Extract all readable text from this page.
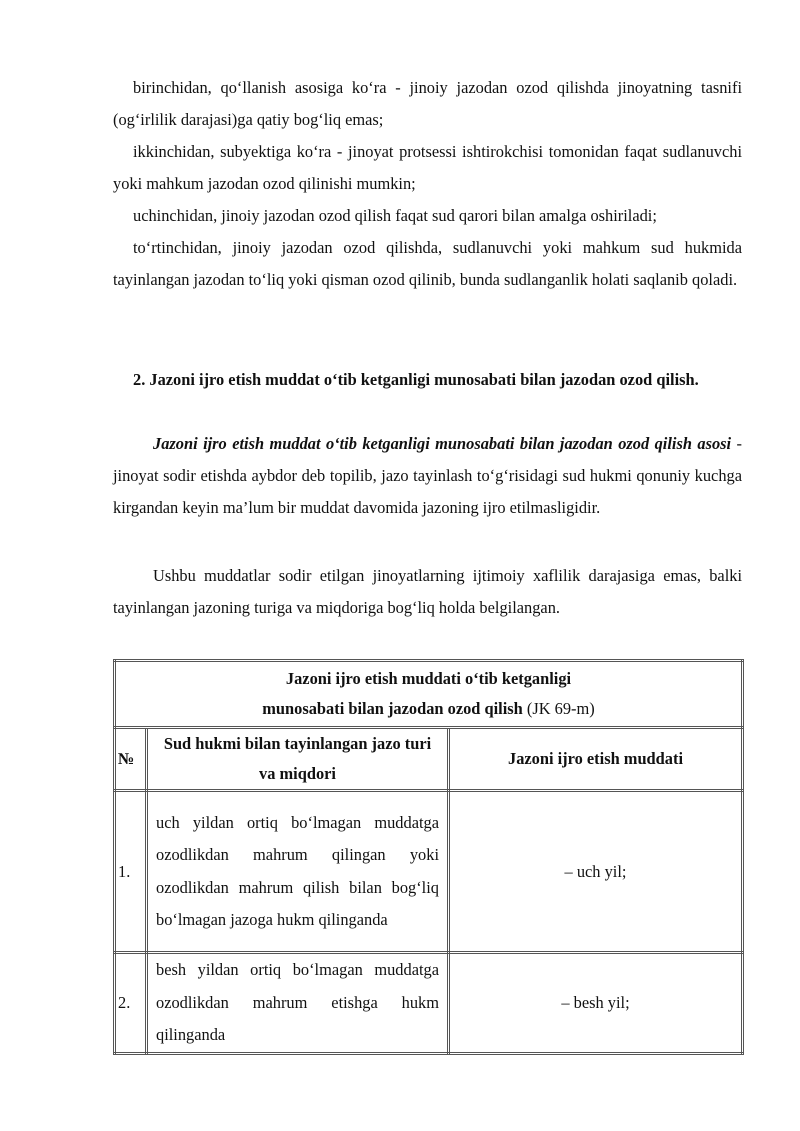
birinchidan, qo‘llanish asosiga ko‘ra - jinoiy jazodan ozod qilishda jinoyatning tasnifi (og‘irlilik darajasi)ga qatiy bog‘liq emas;

ikkinchidan, subyektiga ko‘ra - jinoyat protsessi ishtirokchisi tomonidan faqat sudlanuvchi yoki mahkum jazodan ozod qilinishi mumkin;

uchinchidan, jinoiy jazodan ozod qilish faqat sud qarori bilan amalga oshiriladi;

to‘rtinchidan, jinoiy jazodan ozod qilishda, sudlanuvchi yoki mahkum sud hukmida tayinlangan jazodan to‘liq yoki qisman ozod qilinib, bunda sudlanganlik holati saqlanib qoladi.

2. Jazoni ijro etish muddat o‘tib ketganligi munosabati bilan jazodan ozod qilish.

Jazoni ijro etish muddat o‘tib ketganligi munosabati bilan jazodan ozod qilish asosi - jinoyat sodir etishda aybdor deb topilib, jazo tayinlash to‘g‘risidagi sud hukmi qonuniy kuchga kirgandan keyin ma’lum bir muddat davomida jazoning ijro etilmasligidir.

Ushbu muddatlar sodir etilgan jinoyatlarning ijtimoiy xaflilik darajasiga emas, balki tayinlangan jazoning turiga va miqdoriga bog‘liq holda belgilangan.

Jazoni ijro etish muddati o‘tib ketganligi
munosabati bilan jazodan ozod qilish (JK 69-m)		
№	Sud hukmi bilan tayinlangan jazo turi va miqdori	Jazoni ijro etish muddati
1.	uch yildan ortiq bo‘lmagan muddatga ozodlikdan mahrum qilingan yoki ozodlikdan mahrum qilish bilan bog‘liq bo‘lmagan jazoga hukm qilinganda	– uch yil;
2.	besh yildan ortiq bo‘lmagan muddatga ozodlikdan mahrum etishga hukm qilinganda	– besh yil;
